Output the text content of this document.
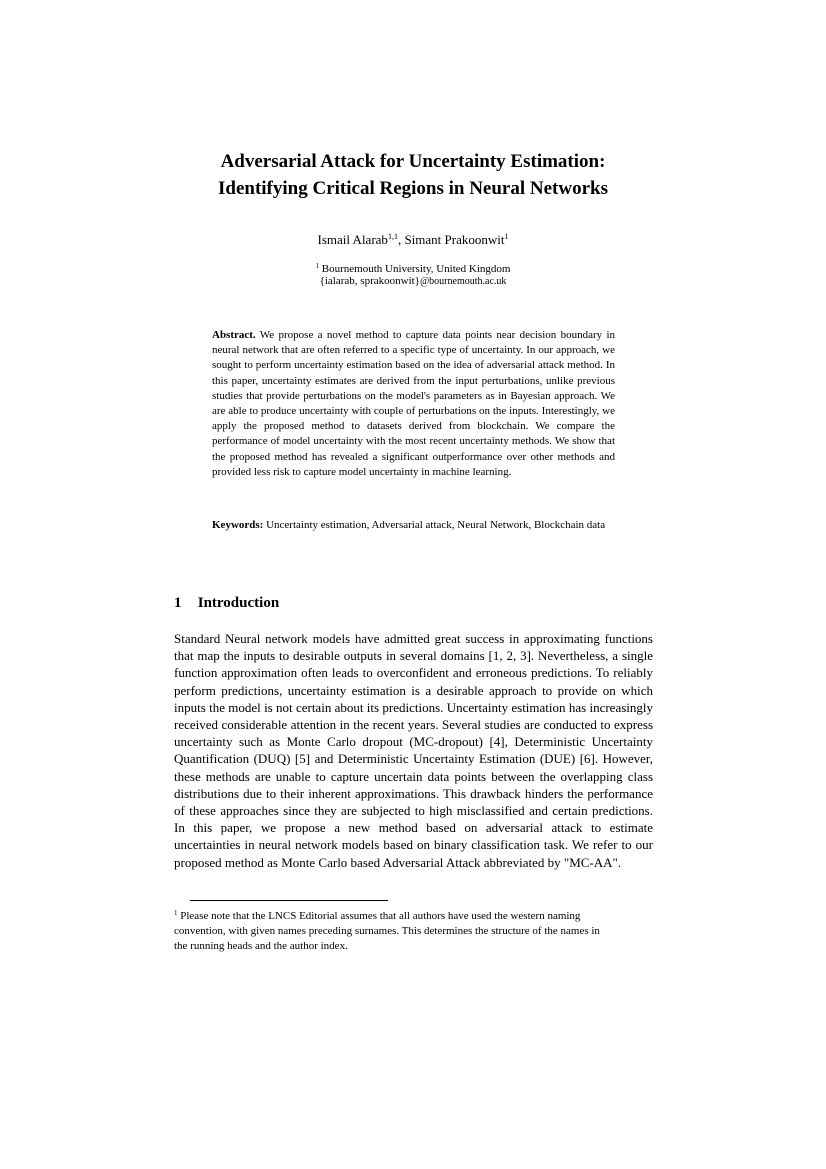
Adversarial Attack for Uncertainty Estimation:
Identifying Critical Regions in Neural Networks
Ismail Alarab$^{1,1}$, Simant Prakoonwit$^1$
$^1$ Bournemouth University, United Kingdom
{ialarab, sprakoonwit}@bournemouth.ac.uk

Abstract. We propose a novel method to capture data points near decision boundary in neural network that are often referred to a specific type of uncertainty. In our approach, we sought to perform uncertainty estimation based on the idea of adversarial attack method. In this paper, uncertainty estimates are derived from the input perturbations, unlike previous studies that provide perturbations on the model's parameters as in Bayesian approach. We are able to produce uncertainty with couple of perturbations on the inputs. Interestingly, we apply the proposed method to datasets derived from blockchain. We compare the performance of model uncertainty with the most recent uncertainty methods. We show that the proposed method has revealed a significant outperformance over other methods and provided less risk to capture model uncertainty in machine learning.

Keywords: Uncertainty estimation, Adversarial attack, Neural Network, Blockchain data

1 Introduction

Standard Neural network models have admitted great success in approximating functions that map the inputs to desirable outputs in several domains [1, 2, 3]. Nevertheless, a single function approximation often leads to overconfident and erroneous predictions. To reliably perform predictions, uncertainty estimation is a desirable approach to provide on which inputs the model is not certain about its predictions. Uncertainty estimation has increasingly received considerable attention in the recent years. Several studies are conducted to express uncertainty such as Monte Carlo dropout (MC-dropout) [4], Deterministic Uncertainty Quantification (DUQ) [5] and Deterministic Uncertainty Estimation (DUE) [6]. However, these methods are unable to capture uncertain data points between the overlapping class distributions due to their inherent approximations. This drawback hinders the performance of these approaches since they are subjected to high misclassified and certain predictions. In this paper, we propose a new method based on adversarial attack to estimate uncertainties in neural network models based on binary classification task. We refer to our proposed method as Monte Carlo based Adversarial Attack abbreviated by "MC-AA".

$^1$ Please note that the LNCS Editorial assumes that all authors have used the western naming convention, with given names preceding surnames. This determines the structure of the names in the running heads and the author index.
